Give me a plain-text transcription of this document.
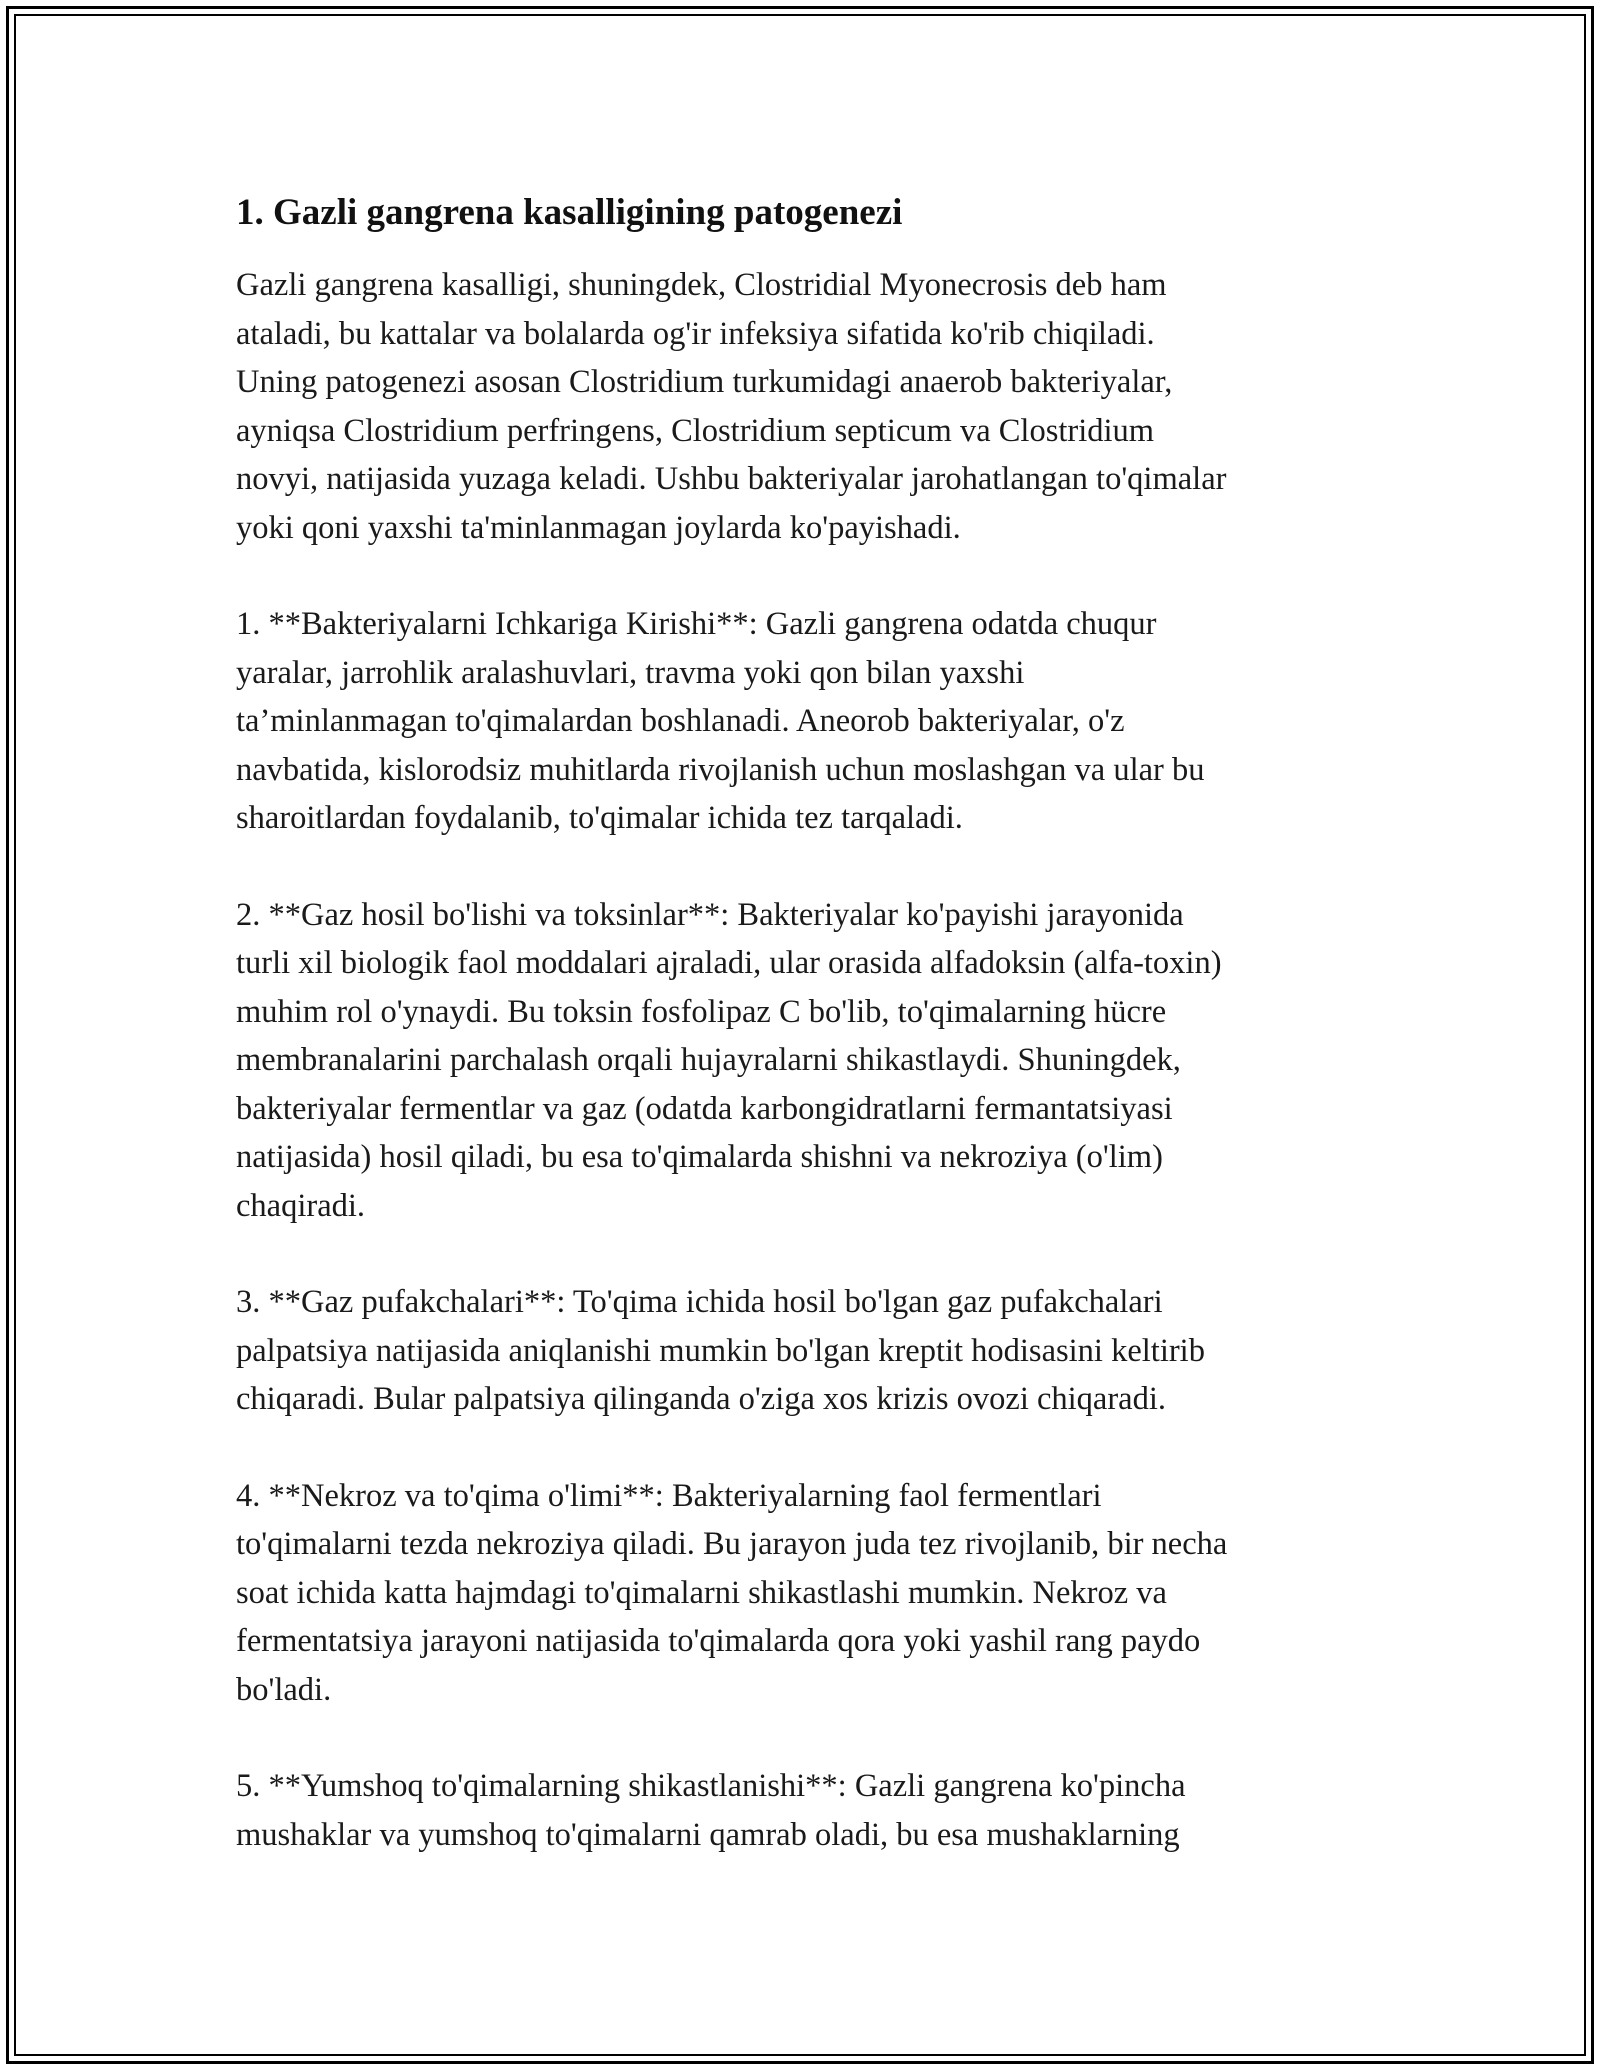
1. Gazli gangrena kasalligining patogenezi
Gazli gangrena kasalligi, shuningdek, Clostridial Myonecrosis deb ham
ataladi, bu kattalar va bolalarda og'ir infeksiya sifatida ko'rib chiqiladi.
Uning patogenezi asosan Clostridium turkumidagi anaerob bakteriyalar,
ayniqsa Clostridium perfringens, Clostridium septicum va Clostridium
novyi, natijasida yuzaga keladi. Ushbu bakteriyalar jarohatlangan to'qimalar
yoki qoni yaxshi ta'minlanmagan joylarda ko'payishadi.
1. **Bakteriyalarni Ichkariga Kirishi**: Gazli gangrena odatda chuqur
yaralar, jarrohlik aralashuvlari, travma yoki qon bilan yaxshi
ta’minlanmagan to'qimalardan boshlanadi. Aneorob bakteriyalar, o'z
navbatida, kislorodsiz muhitlarda rivojlanish uchun moslashgan va ular bu
sharoitlardan foydalanib, to'qimalar ichida tez tarqaladi.
2. **Gaz hosil bo'lishi va toksinlar**: Bakteriyalar ko'payishi jarayonida
turli xil biologik faol moddalari ajraladi, ular orasida alfadoksin (alfa-toxin)
muhim rol o'ynaydi. Bu toksin fosfolipaz C bo'lib, to'qimalarning hücre
membranalarini parchalash orqali hujayralarni shikastlaydi. Shuningdek,
bakteriyalar fermentlar va gaz (odatda karbongidratlarni fermantatsiyasi
natijasida) hosil qiladi, bu esa to'qimalarda shishni va nekroziya (o'lim)
chaqiradi.
3. **Gaz pufakchalari**: To'qima ichida hosil bo'lgan gaz pufakchalari
palpatsiya natijasida aniqlanishi mumkin bo'lgan kreptit hodisasini keltirib
chiqaradi. Bular palpatsiya qilinganda o'ziga xos krizis ovozi chiqaradi.
4. **Nekroz va to'qima o'limi**: Bakteriyalarning faol fermentlari
to'qimalarni tezda nekroziya qiladi. Bu jarayon juda tez rivojlanib, bir necha
soat ichida katta hajmdagi to'qimalarni shikastlashi mumkin. Nekroz va
fermentatsiya jarayoni natijasida to'qimalarda qora yoki yashil rang paydo
bo'ladi.
5. **Yumshoq to'qimalarning shikastlanishi**: Gazli gangrena ko'pincha
mushaklar va yumshoq to'qimalarni qamrab oladi, bu esa mushaklarning
